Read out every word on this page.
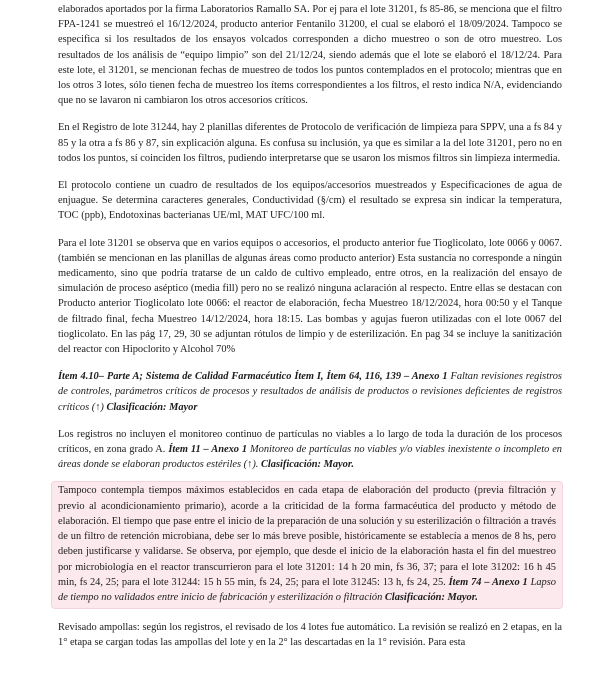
elaborados aportados por la firma Laboratorios Ramallo SA. Por ej para el lote 31201, fs 85-86, se menciona que el filtro FPA-1241 se muestreó el 16/12/2024, producto anterior Fentanilo 31200, el cual se elaboró el 18/09/2024. Tampoco se especifica si los resultados de los ensayos volcados corresponden a dicho muestreo o son de otro muestreo. Los resultados de los análisis de “equipo limpio” son del 21/12/24, siendo además que el lote se elaboró el 18/12/24. Para este lote, el 31201, se mencionan fechas de muestreo de todos los puntos contemplados en el protocolo; mientras que en los otros 3 lotes, sólo tienen fecha de muestreo los ítems correspondientes a los filtros, el resto indica N/A, evidenciando que no se lavaron ni cambiaron los otros accesorios críticos.

En el Registro de lote 31244, hay 2 planillas diferentes de Protocolo de verificación de limpieza para SPPV, una a fs 84 y 85 y la otra a fs 86 y 87, sin explicación alguna. Es confusa su inclusión, ya que es similar a la del lote 31201, pero no en todos los puntos, sí coinciden los filtros, pudiendo interpretarse que se usaron los mismos filtros sin limpieza intermedia.

El protocolo contiene un cuadro de resultados de los equipos/accesorios muestreados y Especificaciones de agua de enjuague. Se determina caracteres generales, Conductividad (§/cm) el resultado se expresa sin indicar la temperatura, TOC (ppb), Endotoxinas bacterianas UE/ml, MAT UFC/100 ml.

Para el lote 31201 se observa que en varios equipos o accesorios, el producto anterior fue Tioglicolato, lote 0066 y 0067. (también se mencionan en las planillas de algunas áreas como producto anterior) Esta sustancia no corresponde a ningún medicamento, sino que podría tratarse de un caldo de cultivo empleado, entre otros, en la realización del ensayo de simulación de proceso aséptico (media fill) pero no se realizó ninguna aclaración al respecto. Entre ellas se destacan con Producto anterior Tioglicolato lote 0066: el reactor de elaboración, fecha Muestreo 18/12/2024, hora 00:50 y el Tanque de filtrado final, fecha Muestreo 14/12/2024, hora 18:15. Las bombas y agujas fueron utilizadas con el lote 0067 del tioglicolato. En las pág 17, 29, 30 se adjuntan rótulos de limpio y de esterilización. En pag 34 se incluye la sanitización del reactor con Hipoclorito y Alcohol 70%

Ítem 4.10– Parte A; Sistema de Calidad Farmacéutico Ítem I, Ítem 64, 116, 139 – Anexo 1 Faltan revisiones registros de controles, parámetros críticos de procesos y resultados de análisis de productos o revisiones deficientes de registros críticos (↑) Clasificación: Mayor

Los registros no incluyen el monitoreo continuo de partículas no viables a lo largo de toda la duración de los procesos críticos, en zona grado A. Ítem 11 – Anexo 1 Monitoreo de partículas no viables y/o viables inexistente o incompleto en áreas donde se elaboran productos estériles (↑). Clasificación: Mayor.

Tampoco contempla tiempos máximos establecidos en cada etapa de elaboración del producto (previa filtración y previo al acondicionamiento primario), acorde a la criticidad de la forma farmacéutica del producto y método de elaboración. El tiempo que pase entre el inicio de la preparación de una solución y su esterilización o filtración a través de un filtro de retención microbiana, debe ser lo más breve posible, históricamente se establecía a menos de 8 hs, pero deben justificarse y validarse. Se observa, por ejemplo, que desde el inicio de la elaboración hasta el fin del muestreo por microbiología en el reactor transcurrieron para el lote 31201: 14 h 20 min, fs 36, 37; para el lote 31202: 16 h 45 min, fs 24, 25; para el lote 31244: 15 h 55 min, fs 24, 25; para el lote 31245: 13 h, fs 24, 25. Ítem 74 – Anexo 1 Lapso de tiempo no validados entre inicio de fabricación y esterilización o filtración Clasificación: Mayor.

Revisado ampollas: según los registros, el revisado de los 4 lotes fue automático. La revisión se realizó en 2 etapas, en la 1° etapa se cargan todas las ampollas del lote y en la 2° las descartadas en la 1° revisión. Para esta
